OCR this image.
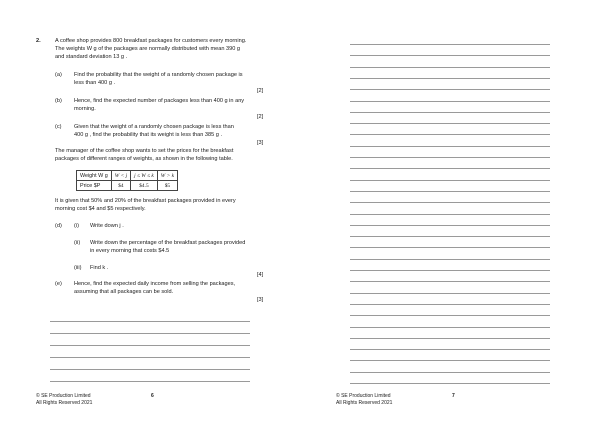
2.	A coffee shop provides 800 breakfast packages for customers every morning.
The weights W g of the packages are normally distributed with mean 390 g
and standard deviation 13 g .
(a) Find the probability that the weight of a randomly chosen package is
less than 400 g .
[2]
(b) Hence, find the expected number of packages less than 400 g in any
morning.
[2]
(c) Given that the weight of a randomly chosen package is less than
400 g , find the probability that its weight is less than 385 g .
[3]
The manager of the coffee shop wants to set the prices for the breakfast
packages of different ranges of weights, as shown in the following table.
Weight W g	W < j	j ≤ W ≤ k	W > k
Price $P	$4	$4.5	$5
It is given that 50% and 20% of the breakfast packages provided in every
morning cost $4 and $5 respectively.
(d) (i) Write down j .
(ii) Write down the percentage of the breakfast packages provided
in every morning that costs $4.5
(iii) Find k .
[4]
(e) Hence, find the expected daily income from selling the packages,
assuming that all packages can be sold.
[3]
© SE Production Limited
All Rights Reserved 2021
6	© SE Production Limited
All Rights Reserved 2021
7
